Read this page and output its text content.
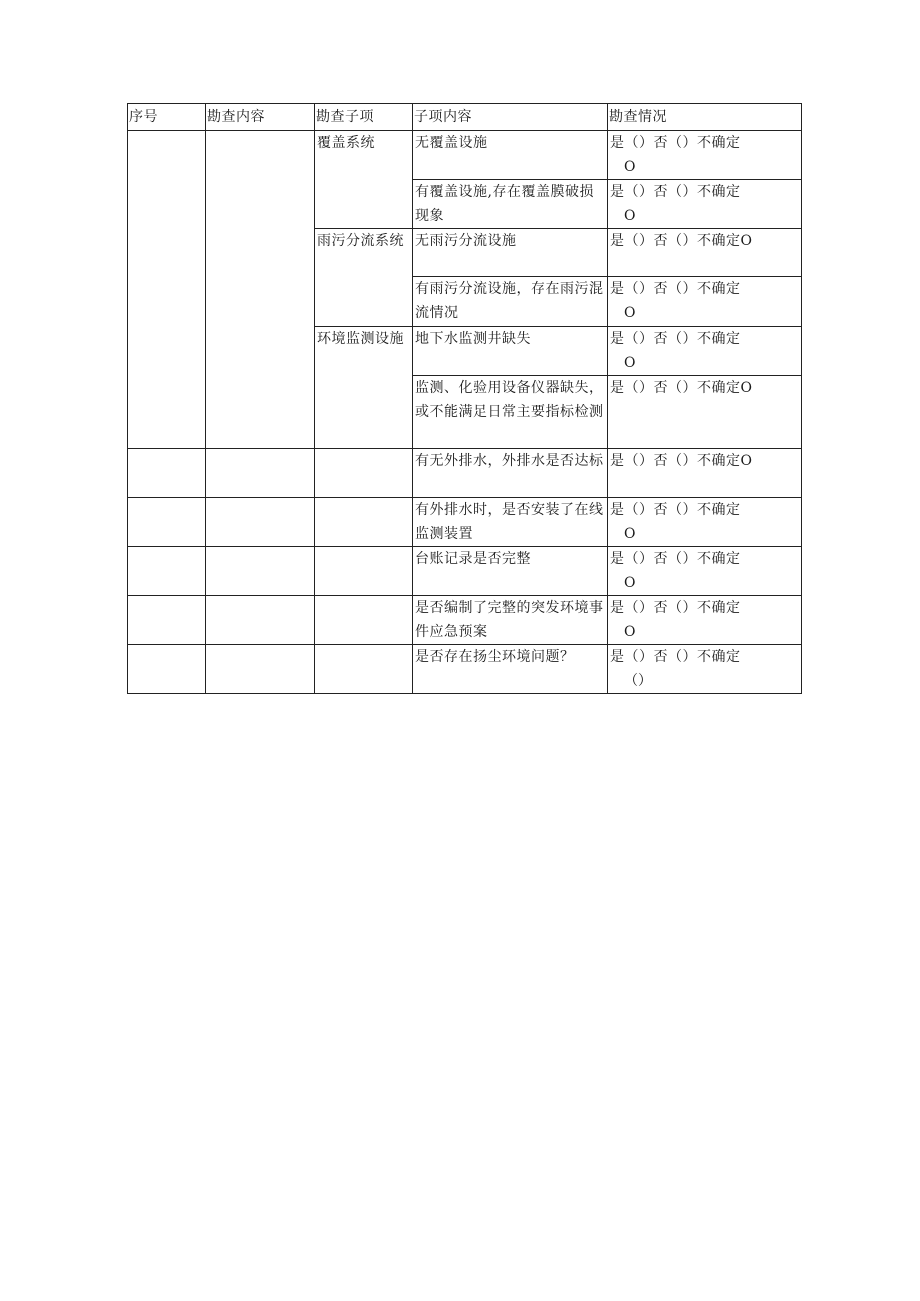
序号	勘查内容	勘查子项	子项内容	勘查情况

		覆盖系统	无覆盖设施	是（）否（）不确定
O

			有覆盖设施,存在覆盖膜破损现象	是（）否（）不确定
O

		雨污分流系统	无雨污分流设施	是（）否（）不确定O

			有雨污分流设施，存在雨污混流情况	是（）否（）不确定
O

		环境监测设施	地下水监测井缺失	是（）否（）不确定
O

			监测、化验用设备仪器缺失，或不能满足日常主要指标检测	是（）否（）不确定O

			有无外排水，外排水是否达标	是（）否（）不确定O

			有外排水时，是否安装了在线监测装置	是（）否（）不确定
O

			台账记录是否完整	是（）否（）不确定
O

			是否编制了完整的突发环境事件应急预案	是（）否（）不确定
O

			是否存在扬尘环境问题？	是（）否（）不确定
（）
